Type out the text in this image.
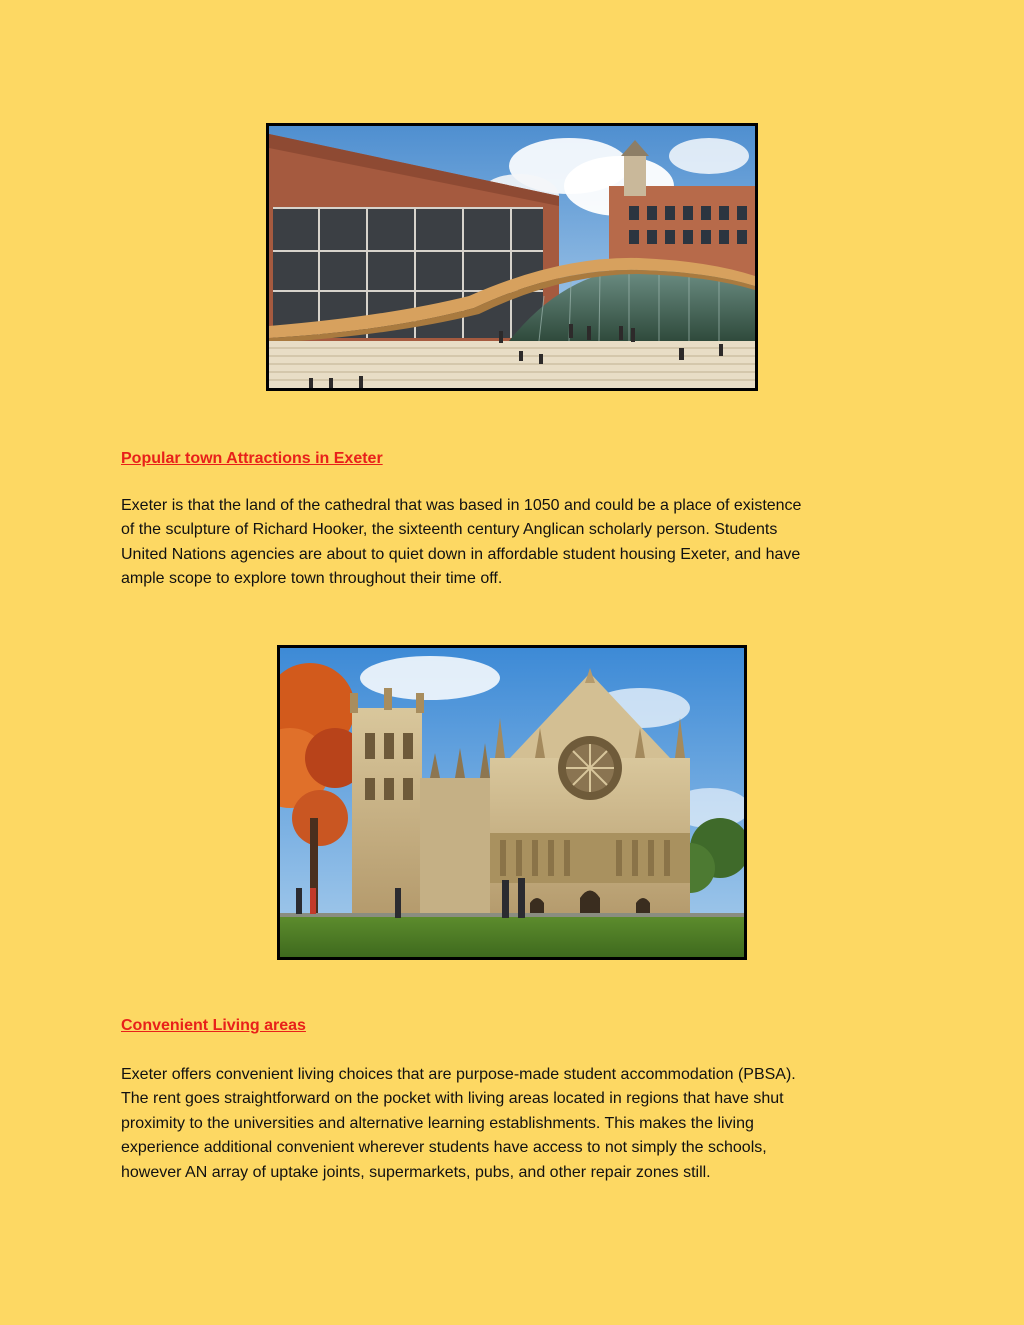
Popular town Attractions in Exeter

Exeter is that the land of the cathedral that was based in 1050 and could be a place of existence
of the sculpture of Richard Hooker, the sixteenth century Anglican scholarly person. Students
United Nations agencies are about to quiet down in affordable student housing Exeter, and have
ample scope to explore town throughout their time off.

Convenient Living areas

Exeter offers convenient living choices that are purpose-made student accommodation (PBSA).
The rent goes straightforward on the pocket with living areas located in regions that have shut
proximity to the universities and alternative learning establishments. This makes the living
experience additional convenient wherever students have access to not simply the schools,
however AN array of uptake joints, supermarkets, pubs, and other repair zones still.
